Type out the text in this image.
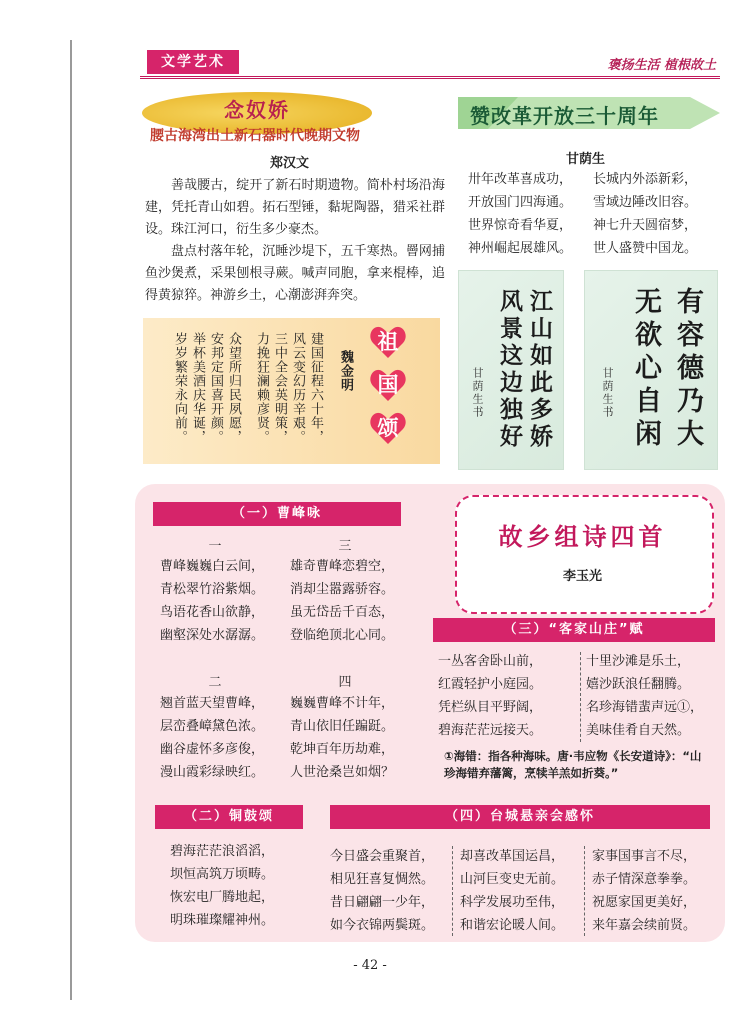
文学艺术	褒扬生活 植根故土
念奴娇
腰古海湾出土新石器时代晚期文物
郑汉文

善哉腰古，绽开了新石时期遗物。简朴村场沿海建，凭托青山如碧。拓石型锤，黏坭陶器，猎采社群设。珠江河口，衍生多少豪杰。

盘点村落年轮，沉睡沙堤下，五千寒热。罾网捕鱼沙煲煮，采果刨根寻蕨。喊声同胞，拿来棍棒，追得黄猄猝。神游乡土，心潮澎湃奔突。

建国征程六十年，
风云变幻历辛艰。
三中全会英明策，
力挽狂澜赖彦贤。
众望所归民夙愿，
安邦定国喜开颜。
举杯美酒庆华诞，
岁岁繁荣永向前。	魏金明
祖
国
颂
赞改革开放三十周年
甘荫生
卅年改革喜成功，
开放国门四海通。
世界惊奇看华夏，
神州崛起展雄风。
长城内外添新彩，
雪域边陲改旧容。
神七升天圆宿梦，
世人盛赞中国龙。
江山如此多娇
风景这边独好
甘荫生书	有容德乃大
无欲心自闲
甘荫生书
（一）曹峰咏
一	三
曹峰巍巍白云间，
青松翠竹浴紫烟。
鸟语花香山欲静，
幽壑深处水潺潺。
雄奇曹峰恋碧空，
消却尘嚣露骄容。
虽无岱岳千百态，
登临绝顶北心同。
二	四
翘首蓝天望曹峰，
层峦叠嶂黛色浓。
幽谷虚怀多彦俊，
漫山霞彩绿映红。
巍巍曹峰不计年，
青山依旧任蹁跹。
乾坤百年历劫难，
人世沧桑岂如烟？
故乡组诗四首
李玉光
（三）“客家山庄”赋
一丛客舍卧山前，
红霞轻护小庭园。
凭栏纵目平野阔，
碧海茫茫远接天。
十里沙滩是乐土，
嬉沙跃浪任翻腾。
名珍海错蜚声远①，
美味佳肴自天然。
①海错：指各种海味。唐·韦应物《长安道诗》：“山珍海错弃藩篱，烹犊羊羔如折葵。”
（二）铜鼓颂
碧海茫茫浪滔滔，
坝恒高筑万顷畴。
恢宏电厂腾地起，
明珠璀璨耀神州。
（四）台城悬亲会感怀
今日盛会重聚首，
相见狂喜复惆然。
昔日翩翩一少年，
如今衣锦两鬓斑。
却喜改革国运昌，
山河巨变史无前。
科学发展功至伟，
和谐宏论暖人间。
家事国事言不尽，
赤子情深意拳拳。
祝愿家国更美好，
来年嘉会续前贤。
- 42 -
